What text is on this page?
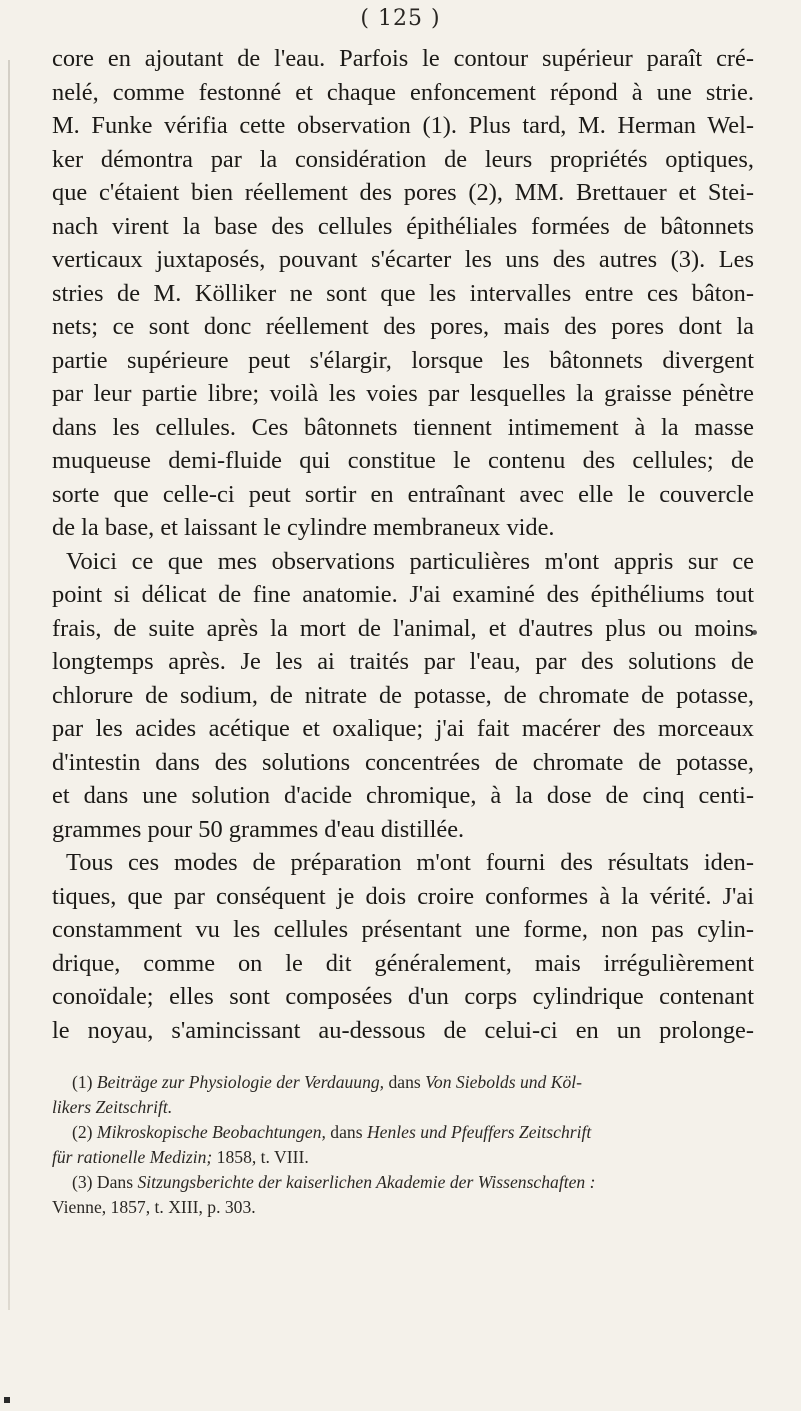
( 125 )
core en ajoutant de l'eau. Parfois le contour supérieur paraît cré-
nelé, comme festonné et chaque enfoncement répond à une strie.
M. Funke vérifia cette observation (1). Plus tard, M. Herman Wel-
ker démontra par la considération de leurs propriétés optiques,
que c'étaient bien réellement des pores (2), MM. Brettauer et Stei-
nach virent la base des cellules épithéliales formées de bâtonnets
verticaux juxtaposés, pouvant s'écarter les uns des autres (3). Les
stries de M. Kölliker ne sont que les intervalles entre ces bâton-
nets; ce sont donc réellement des pores, mais des pores dont la
partie supérieure peut s'élargir, lorsque les bâtonnets divergent
par leur partie libre; voilà les voies par lesquelles la graisse pénètre
dans les cellules. Ces bâtonnets tiennent intimement à la masse
muqueuse demi-fluide qui constitue le contenu des cellules; de
sorte que celle-ci peut sortir en entraînant avec elle le couvercle
de la base, et laissant le cylindre membraneux vide.
Voici ce que mes observations particulières m'ont appris sur ce
point si délicat de fine anatomie. J'ai examiné des épithéliums tout
frais, de suite après la mort de l'animal, et d'autres plus ou moins
longtemps après. Je les ai traités par l'eau, par des solutions de
chlorure de sodium, de nitrate de potasse, de chromate de potasse,
par les acides acétique et oxalique; j'ai fait macérer des morceaux
d'intestin dans des solutions concentrées de chromate de potasse,
et dans une solution d'acide chromique, à la dose de cinq centi-
grammes pour 50 grammes d'eau distillée.
Tous ces modes de préparation m'ont fourni des résultats iden-
tiques, que par conséquent je dois croire conformes à la vérité. J'ai
constamment vu les cellules présentant une forme, non pas cylin-
drique, comme on le dit généralement, mais irrégulièrement
conoïdale; elles sont composées d'un corps cylindrique contenant
le noyau, s'amincissant au-dessous de celui-ci en un prolonge-
(1) Beiträge zur Physiologie der Verdauung, dans Von Siebolds und Köl-
likers Zeitschrift.
(2) Mikroskopische Beobachtungen, dans Henles und Pfeuffers Zeitschrift
für rationelle Medizin; 1858, t. VIII.
(3) Dans Sitzungsberichte der kaiserlichen Akademie der Wissenschaften :
Vienne, 1857, t. XIII, p. 303.
